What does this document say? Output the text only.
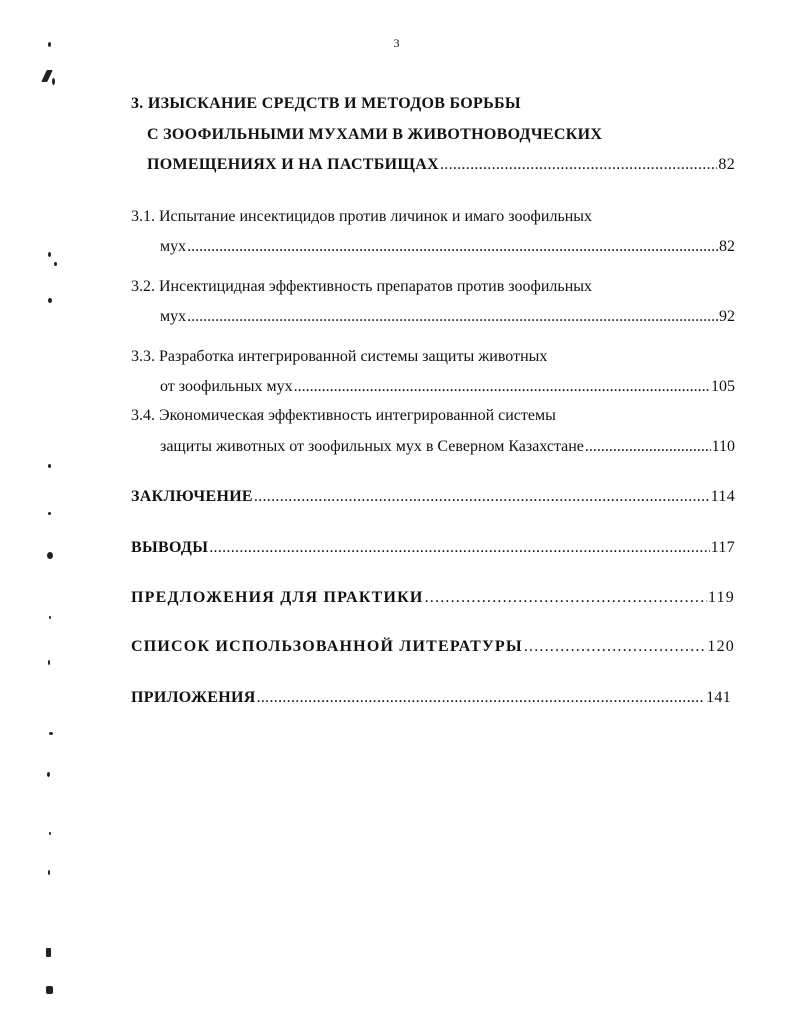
3
3. ИЗЫСКАНИЕ СРЕДСТВ И МЕТОДОВ БОРЬБЫ
С ЗООФИЛЬНЫМИ МУХАМИ В ЖИВОТНОВОДЧЕСКИХ
ПОМЕЩЕНИЯХ И НА ПАСТБИЩАХ .....	82
3.1. Испытание инсектицидов против личинок и имаго зоофильных
мух .....	82
3.2. Инсектицидная эффективность препаратов против зоофильных
мух .....	92
3.3. Разработка интегрированной системы защиты животных
от зоофильных мух .....	105
3.4. Экономическая эффективность интегрированной системы
защиты животных от зоофильных мух в Северном Казахстане .....	110
ЗАКЛЮЧЕНИЕ .....	114
ВЫВОДЫ .....	117
ПРЕДЛОЖЕНИЯ ДЛЯ ПРАКТИКИ .....	119
СПИСОК ИСПОЛЬЗОВАННОЙ ЛИТЕРАТУРЫ .....	120
ПРИЛОЖЕНИЯ .....	141
